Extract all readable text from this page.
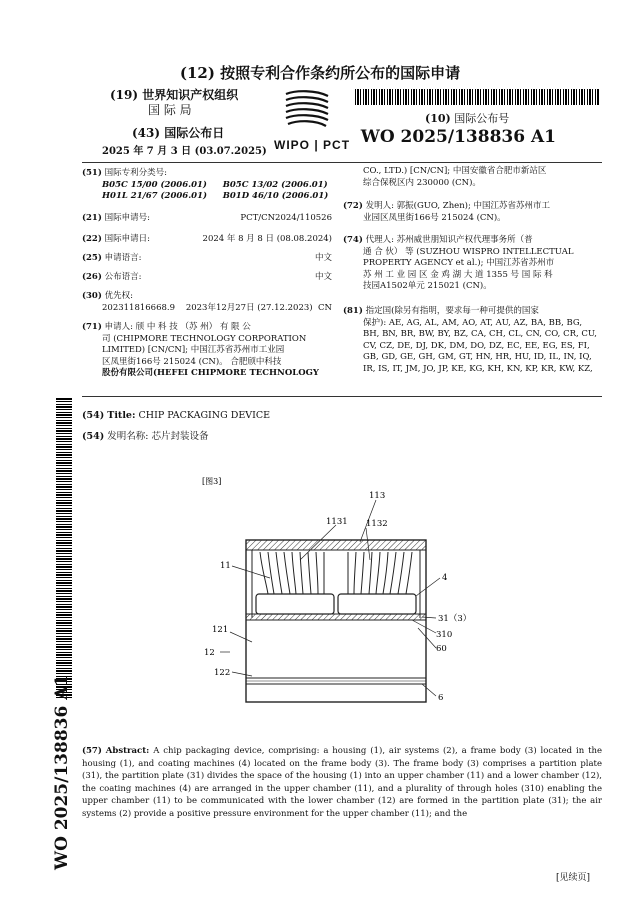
(12) 按照专利合作条约所公布的国际申请
(19) 世界知识产权组织
国 际 局
(43) 国际公布日
2025 年 7 月 3 日 (03.07.2025) WIPO | PCT
(10) 国际公布号
WO 2025/138836 A1
(51) 国际专利分类号:
B05C 15/00 (2006.01) B05C 13/02 (2006.01)
H01L 21/67 (2006.01) B01D 46/10 (2006.01)
(21) 国际申请号:	PCT/CN2024/110526
(22) 国际申请日:	2024 年 8 月 8 日 (08.08.2024)
(25) 申请语言:	中文
(26) 公布语言:	中文
(30) 优先权:
202311816668.9    2023年12月27日 (27.12.2023)  CN
(71) 申请人: 颀 中 科 技 （苏 州） 有 限 公
司 (CHIPMORE TECHNOLOGY CORPORATION
LIMITED) [CN/CN]; 中国江苏省苏州市工业园
区凤里街166号 215024 (CN)。 合肥颀中科技
股份有限公司(HEFEI CHIPMORE TECHNOLOGY
CO., LTD.) [CN/CN]; 中国安徽省合肥市新站区
综合保税区内 230000 (CN)。
(72) 发明人: 郭振(GUO, Zhen); 中国江苏省苏州市工
业园区凤里街166号 215024 (CN)。
(74) 代理人: 苏州威世朋知识产权代理事务所（普
通 合 伙） 等 (SUZHOU WISPRO INTELLECTUAL
PROPERTY AGENCY et al.); 中国江苏省苏州市
苏 州 工 业 园 区 金 鸡 湖 大 道 1355 号 国 际 科
技园A1502单元 215021 (CN)。
(81) 指定国(除另有指明，要求每一种可提供的国家
保护): AE, AG, AL, AM, AO, AT, AU, AZ, BA, BB, BG,
BH, BN, BR, BW, BY, BZ, CA, CH, CL, CN, CO, CR, CU,
CV, CZ, DE, DJ, DK, DM, DO, DZ, EC, EE, EG, ES, FI,
GB, GD, GE, GH, GM, GT, HN, HR, HU, ID, IL, IN, IQ,
IR, IS, IT, JM, JO, JP, KE, KG, KH, KN, KP, KR, KW, KZ,
WO 2025/138836 A1
(54) Title: CHIP PACKAGING DEVICE
(54) 发明名称: 芯片封装设备
[图3]
113
1131 1132
11
4
31（3）
121	310
60
12
122
6
(57) Abstract: A chip packaging device, comprising: a housing (1), air systems (2), a frame body (3) located in the housing (1), and coating machines (4) located on the frame body (3). The frame body (3) comprises a partition plate (31), the partition plate (31) divides the space of the housing (1) into an upper chamber (11) and a lower chamber (12), the coating machines (4) are arranged in the upper chamber (11), and a plurality of through holes (310) enabling the upper chamber (11) to be communicated with the lower chamber (12) are formed in the partition plate (31); the air systems (2) provide a positive pressure environment for the upper chamber (11); and the
[见续页]
